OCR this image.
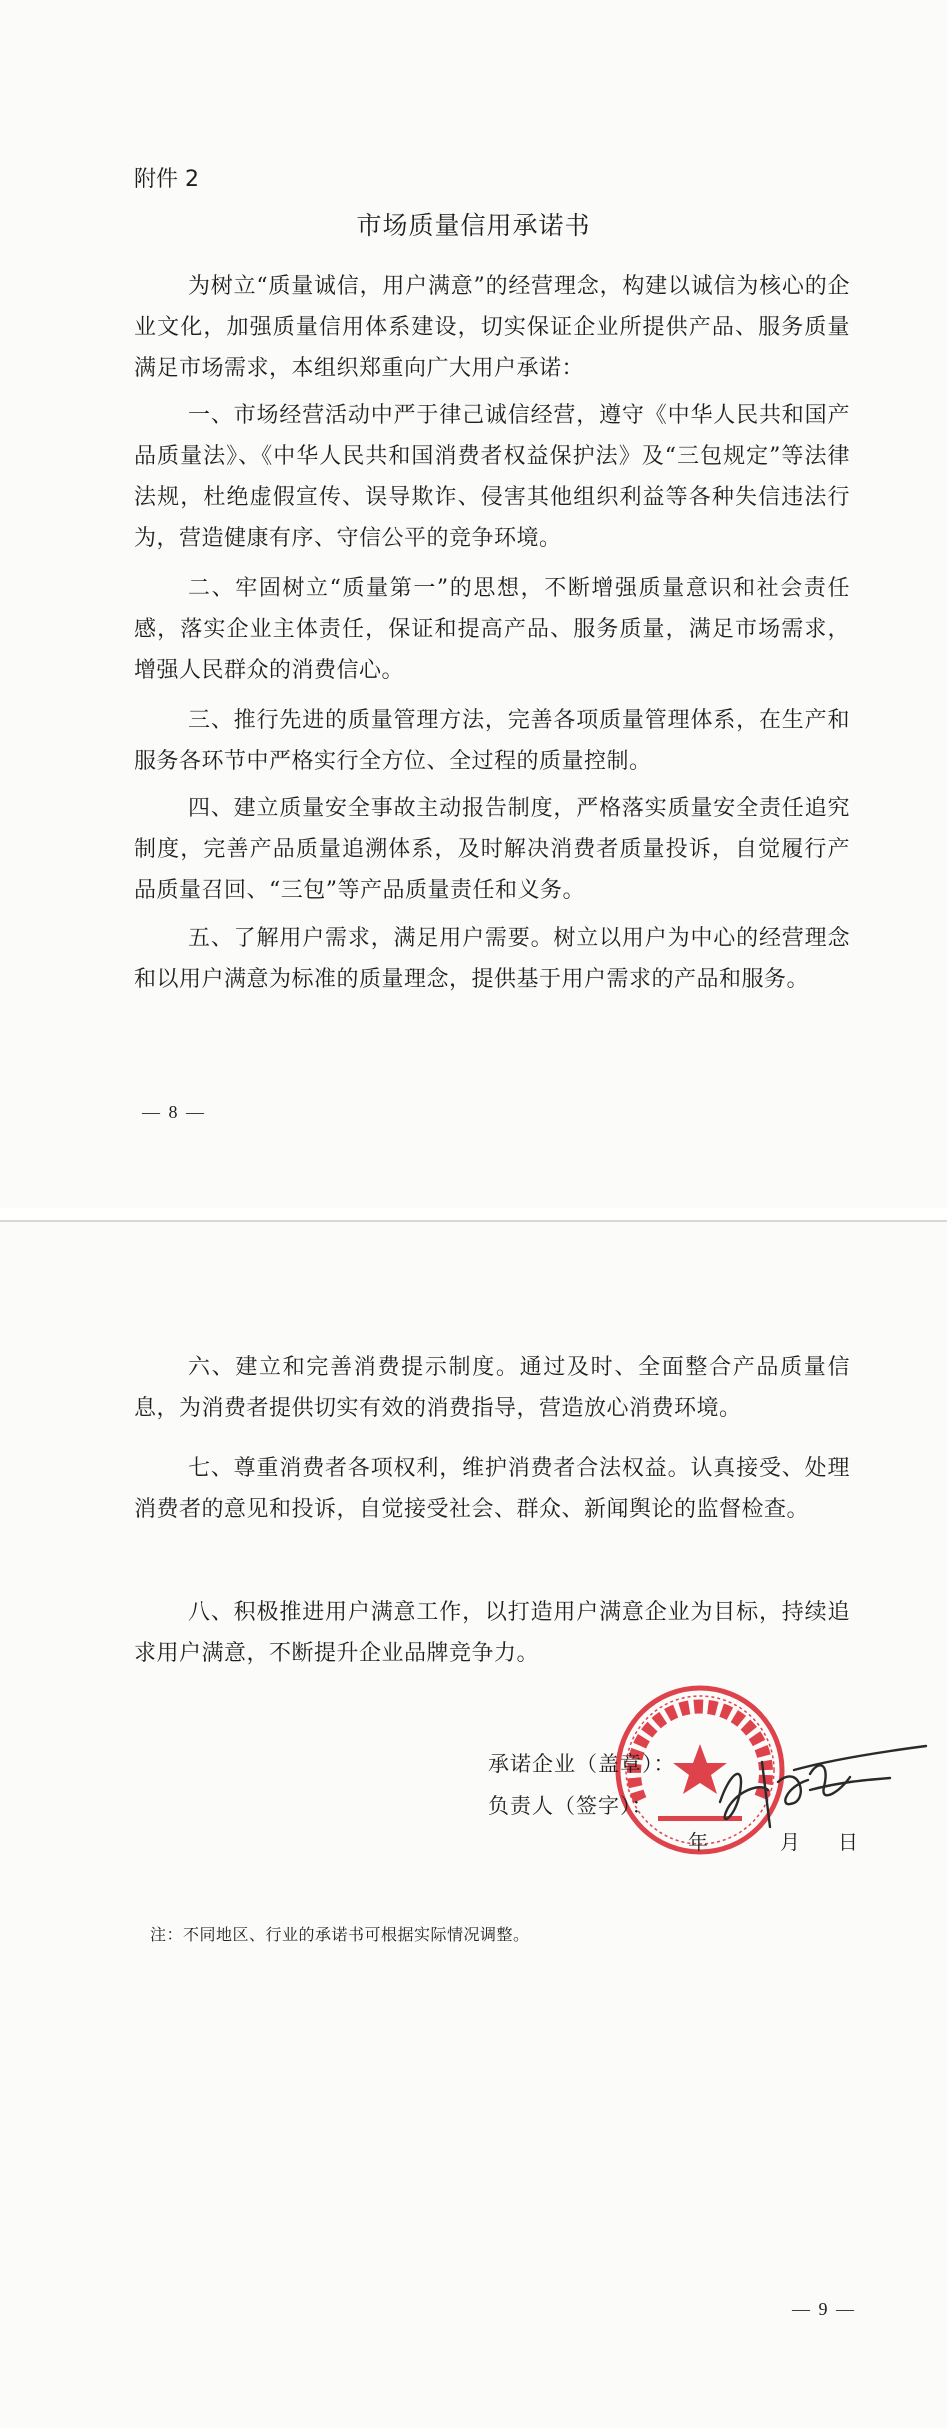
附件 2
市场质量信用承诺书

为树立“质量诚信，用户满意”的经营理念，构建以诚信为核心的企业文化，加强质量信用体系建设，切实保证企业所提供产品、服务质量满足市场需求，本组织郑重向广大用户承诺：

一、市场经营活动中严于律己诚信经营，遵守《中华人民共和国产品质量法》、《中华人民共和国消费者权益保护法》及“三包规定”等法律法规，杜绝虚假宣传、误导欺诈、侵害其他组织利益等各种失信违法行为，营造健康有序、守信公平的竞争环境。

二、牢固树立“质量第一”的思想，不断增强质量意识和社会责任感，落实企业主体责任，保证和提高产品、服务质量，满足市场需求，增强人民群众的消费信心。

三、推行先进的质量管理方法，完善各项质量管理体系，在生产和服务各环节中严格实行全方位、全过程的质量控制。

四、建立质量安全事故主动报告制度，严格落实质量安全责任追究制度，完善产品质量追溯体系，及时解决消费者质量投诉，自觉履行产品质量召回、“三包”等产品质量责任和义务。

五、了解用户需求，满足用户需要。树立以用户为中心的经营理念和以用户满意为标准的质量理念，提供基于用户需求的产品和服务。

— 8 —
— 9 —

六、建立和完善消费提示制度。通过及时、全面整合产品质量信息，为消费者提供切实有效的消费指导，营造放心消费环境。

七、尊重消费者各项权利，维护消费者合法权益。认真接受、处理消费者的意见和投诉，自觉接受社会、群众、新闻舆论的监督检查。

八、积极推进用户满意工作，以打造用户满意企业为目标，持续追求用户满意，不断提升企业品牌竞争力。

承诺企业（盖章）：
负责人（签字）：
年	月 日
注：不同地区、行业的承诺书可根据实际情况调整。
